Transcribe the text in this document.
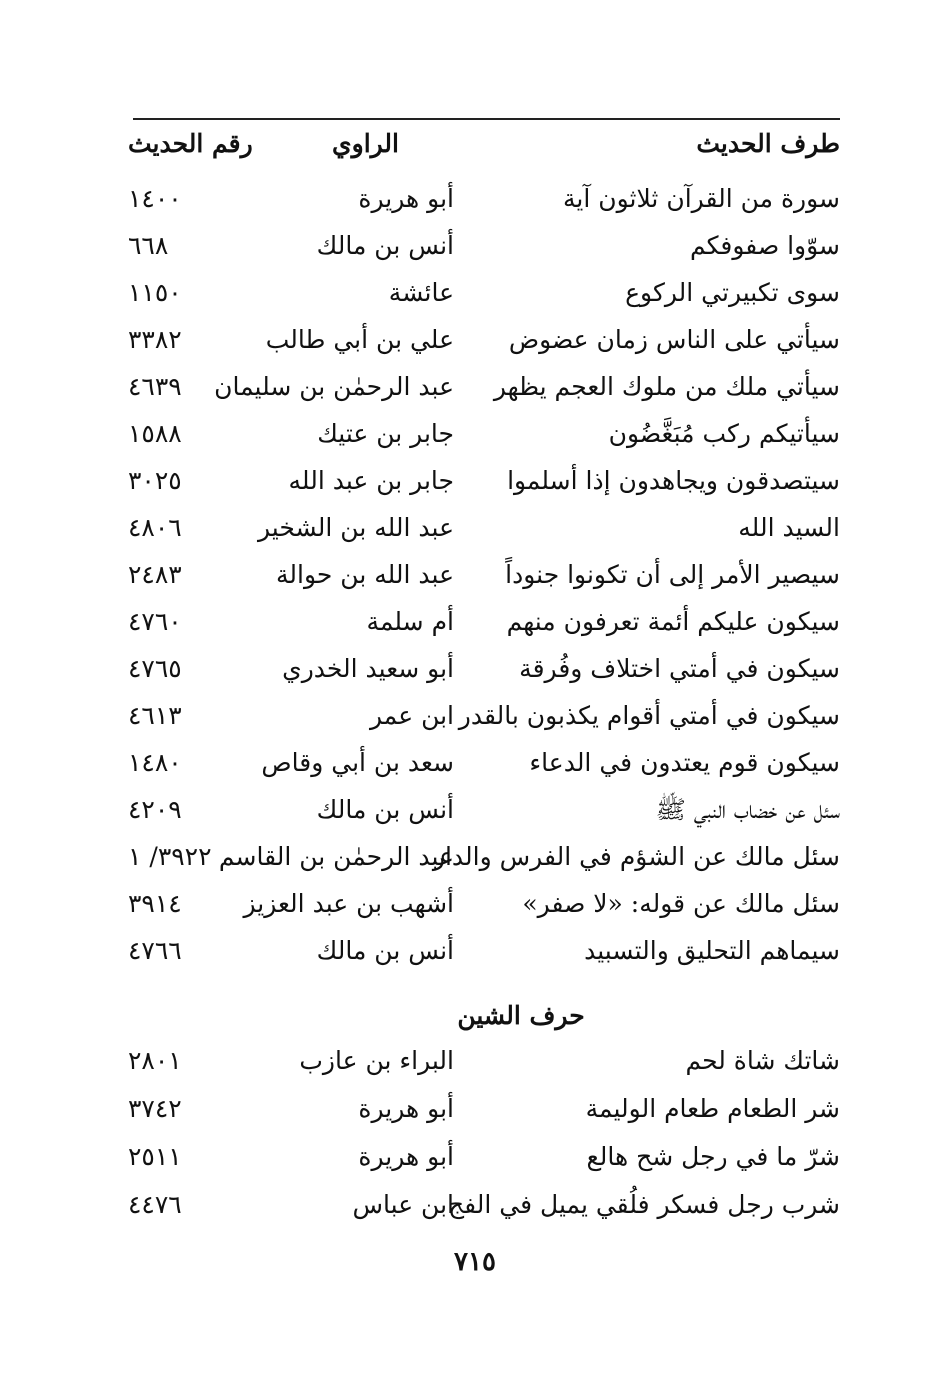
طرف الحديث
الراوي
رقم الحديث
سورة من القرآن ثلاثون آية
أبو هريرة
١٤٠٠
سوّوا صفوفكم
أنس بن مالك
٦٦٨
سوى تكبيرتي الركوع
عائشة
١١٥٠
سيأتي على الناس زمان عضوض
علي بن أبي طالب
٣٣٨٢
سيأتي ملك من ملوك العجم يظهر
عبد الرحمٰن بن سليمان
٤٦٣٩
سيأتيكم ركب مُبَغَّضُون
جابر بن عتيك
١٥٨٨
سيتصدقون ويجاهدون إذا أسلموا
جابر بن عبد الله
٣٠٢٥
السيد الله
عبد الله بن الشخير
٤٨٠٦
سيصير الأمر إلى أن تكونوا جنوداً
عبد الله بن حوالة
٢٤٨٣
سيكون عليكم أئمة تعرفون منهم
أم سلمة
٤٧٦٠
سيكون في أمتي اختلاف وفُرقة
أبو سعيد الخدري
٤٧٦٥
سيكون في أمتي أقوام يكذبون بالقدر
ابن عمر
٤٦١٣
سيكون قوم يعتدون في الدعاء
سعد بن أبي وقاص
١٤٨٠
سئل عن خضاب النبي ﷺ
أنس بن مالك
٤٢٠٩
سئل مالك عن الشؤم في الفرس والدار
عبد الرحمٰن بن القاسم
٣٩٢٢/ ١
سئل مالك عن قوله: «لا صفر»
أشهب بن عبد العزيز
٣٩١٤
سيماهم التحليق والتسبيد
أنس بن مالك
٤٧٦٦
حرف الشين
شاتك شاة لحم
البراء بن عازب
٢٨٠١
شر الطعام طعام الوليمة
أبو هريرة
٣٧٤٢
شرّ ما في رجل شح هالع
أبو هريرة
٢٥١١
شرب رجل فسكر فلُقي يميل في الفج
ابن عباس
٤٤٧٦
٧١٥
